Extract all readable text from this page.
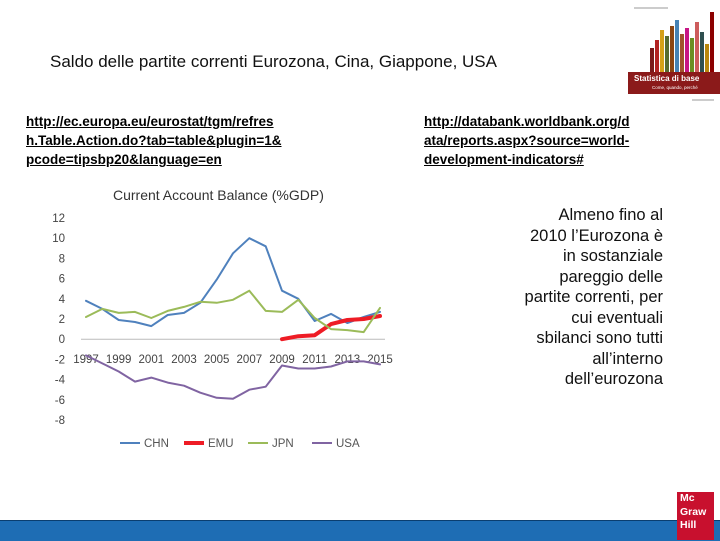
Saldo delle partite correnti Eurozona, Cina, Giappone, USA
http://ec.europa.eu/eurostat/tgm/refres
h.Table.Action.do?tab=table&plugin=1&
pcode=tipsbp20&language=en
http://databank.worldbank.org/d
ata/reports.aspx?source=world-
development-indicators#
Current Account Balance (%GDP)
12
10
8
6
4
2
0
-2
-4
-6
-8
1997 1999 2001 2003 2005 2007 2009 2011 2013 2015
CHN	EMU	JPN	USA
Almeno fino al
2010 l’Eurozona è
in sostanziale
pareggio delle
partite correnti, per
cui eventuali
sbilanci sono tutti
all’interno
dell’eurozona
Statistica di base
Come, quando, perché
Mc
Graw
Hill
